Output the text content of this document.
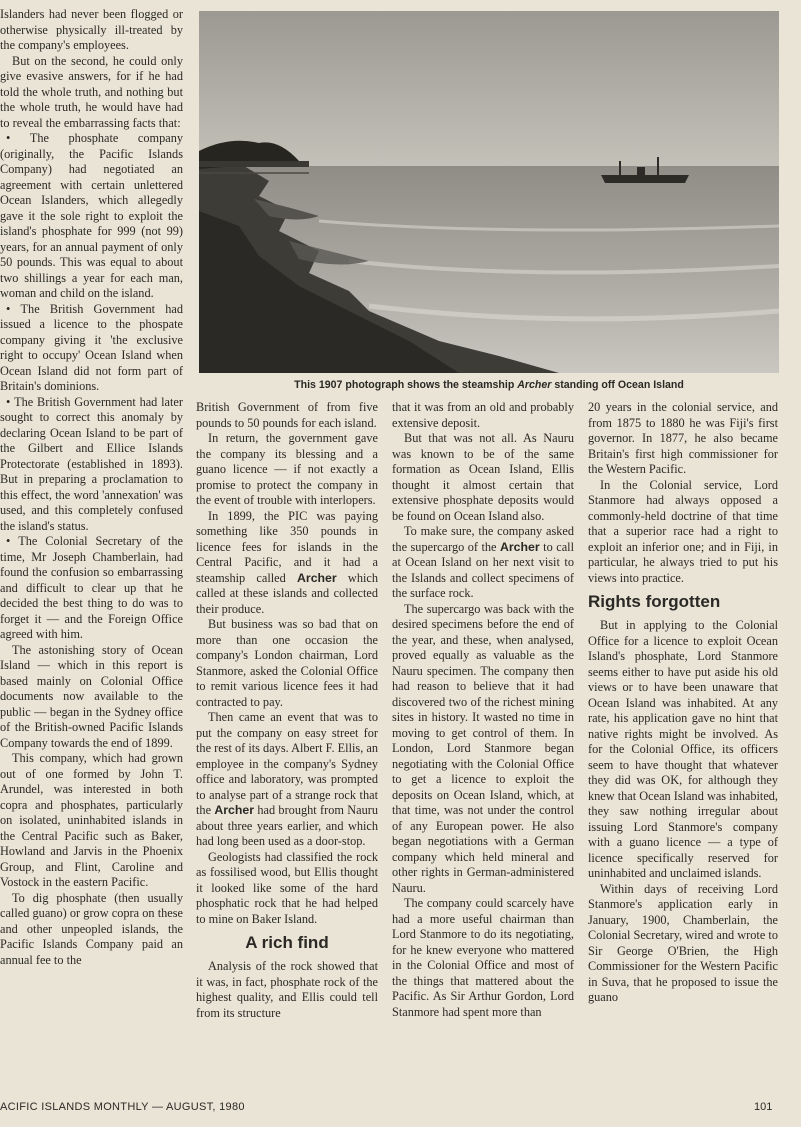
Islanders had never been flogged or otherwise physically ill-treated by the company's employees.

But on the second, he could only give evasive answers, for if he had told the whole truth, and nothing but the whole truth, he would have had to reveal the embarrassing facts that:

• The phosphate company (originally, the Pacific Islands Company) had negotiated an agreement with certain unlettered Ocean Islanders, which allegedly gave it the sole right to exploit the island's phosphate for 999 (not 99) years, for an annual payment of only 50 pounds. This was equal to about two shillings a year for each man, woman and child on the island.

• The British Government had issued a licence to the phospate company giving it 'the exclusive right to occupy' Ocean Island when Ocean Island did not form part of Britain's dominions.

• The British Government had later sought to correct this anomaly by declaring Ocean Island to be part of the Gilbert and Ellice Islands Protectorate (established in 1893). But in preparing a proclamation to this effect, the word 'annexation' was used, and this completely confused the island's status.

• The Colonial Secretary of the time, Mr Joseph Chamberlain, had found the confusion so embarrassing and difficult to clear up that he decided the best thing to do was to forget it — and the Foreign Office agreed with him.

The astonishing story of Ocean Island — which in this report is based mainly on Colonial Office documents now available to the public — began in the Sydney office of the British-owned Pacific Islands Company towards the end of 1899.

This company, which had grown out of one formed by John T. Arundel, was interested in both copra and phosphates, particularly on isolated, uninhabited islands in the Central Pacific such as Baker, Howland and Jarvis in the Phoenix Group, and Flint, Caroline and Vostock in the eastern Pacific.

To dig phosphate (then usually called guano) or grow copra on these and other unpeopled islands, the Pacific Islands Company paid an annual fee to the

This 1907 photograph shows the steamship Archer standing off Ocean Island

British Government of from five pounds to 50 pounds for each island.

In return, the government gave the company its blessing and a guano licence — if not exactly a promise to protect the company in the event of trouble with interlopers.

In 1899, the PIC was paying something like 350 pounds in licence fees for islands in the Central Pacific, and it had a steamship called Archer which called at these islands and collected their produce.

But business was so bad that on more than one occasion the company's London chairman, Lord Stanmore, asked the Colonial Office to remit various licence fees it had contracted to pay.

Then came an event that was to put the company on easy street for the rest of its days. Albert F. Ellis, an employee in the company's Sydney office and laboratory, was prompted to analyse part of a strange rock that the Archer had brought from Nauru about three years earlier, and which had long been used as a door-stop.

Geologists had classified the rock as fossilised wood, but Ellis thought it looked like some of the hard phosphatic rock that he had helped to mine on Baker Island.

A rich find

Analysis of the rock showed that it was, in fact, phosphate rock of the highest quality, and Ellis could tell from its structure

that it was from an old and probably extensive deposit.

But that was not all. As Nauru was known to be of the same formation as Ocean Island, Ellis thought it almost certain that extensive phosphate deposits would be found on Ocean Island also.

To make sure, the company asked the supercargo of the Archer to call at Ocean Island on her next visit to the Islands and collect specimens of the surface rock.

The supercargo was back with the desired specimens before the end of the year, and these, when analysed, proved equally as valuable as the Nauru specimen. The company then had reason to believe that it had discovered two of the richest mining sites in history. It wasted no time in moving to get control of them. In London, Lord Stanmore began negotiating with the Colonial Office to get a licence to exploit the deposits on Ocean Island, which, at that time, was not under the control of any European power. He also began negotiations with a German company which held mineral and other rights in German-administered Nauru.

The company could scarcely have had a more useful chairman than Lord Stanmore to do its negotiating, for he knew everyone who mattered in the Colonial Office and most of the things that mattered about the Pacific. As Sir Arthur Gordon, Lord Stanmore had spent more than

20 years in the colonial service, and from 1875 to 1880 he was Fiji's first governor. In 1877, he also became Britain's first high commissioner for the Western Pacific.

In the Colonial service, Lord Stanmore had always opposed a commonly-held doctrine of that time that a superior race had a right to exploit an inferior one; and in Fiji, in particular, he always tried to put his views into practice.

Rights forgotten

But in applying to the Colonial Office for a licence to exploit Ocean Island's phosphate, Lord Stanmore seems either to have put aside his old views or to have been unaware that Ocean Island was inhabited. At any rate, his application gave no hint that native rights might be involved. As for the Colonial Office, its officers seem to have thought that whatever they did was OK, for although they knew that Ocean Island was inhabited, they saw nothing irregular about issuing Lord Stanmore's company with a guano licence — a type of licence specifically reserved for uninhabited and unclaimed islands.

Within days of receiving Lord Stanmore's application early in January, 1900, Chamberlain, the Colonial Secretary, wired and wrote to Sir George O'Brien, the High Commissioner for the Western Pacific in Suva, that he proposed to issue the guano

ACIFIC ISLANDS MONTHLY — AUGUST, 1980	101
